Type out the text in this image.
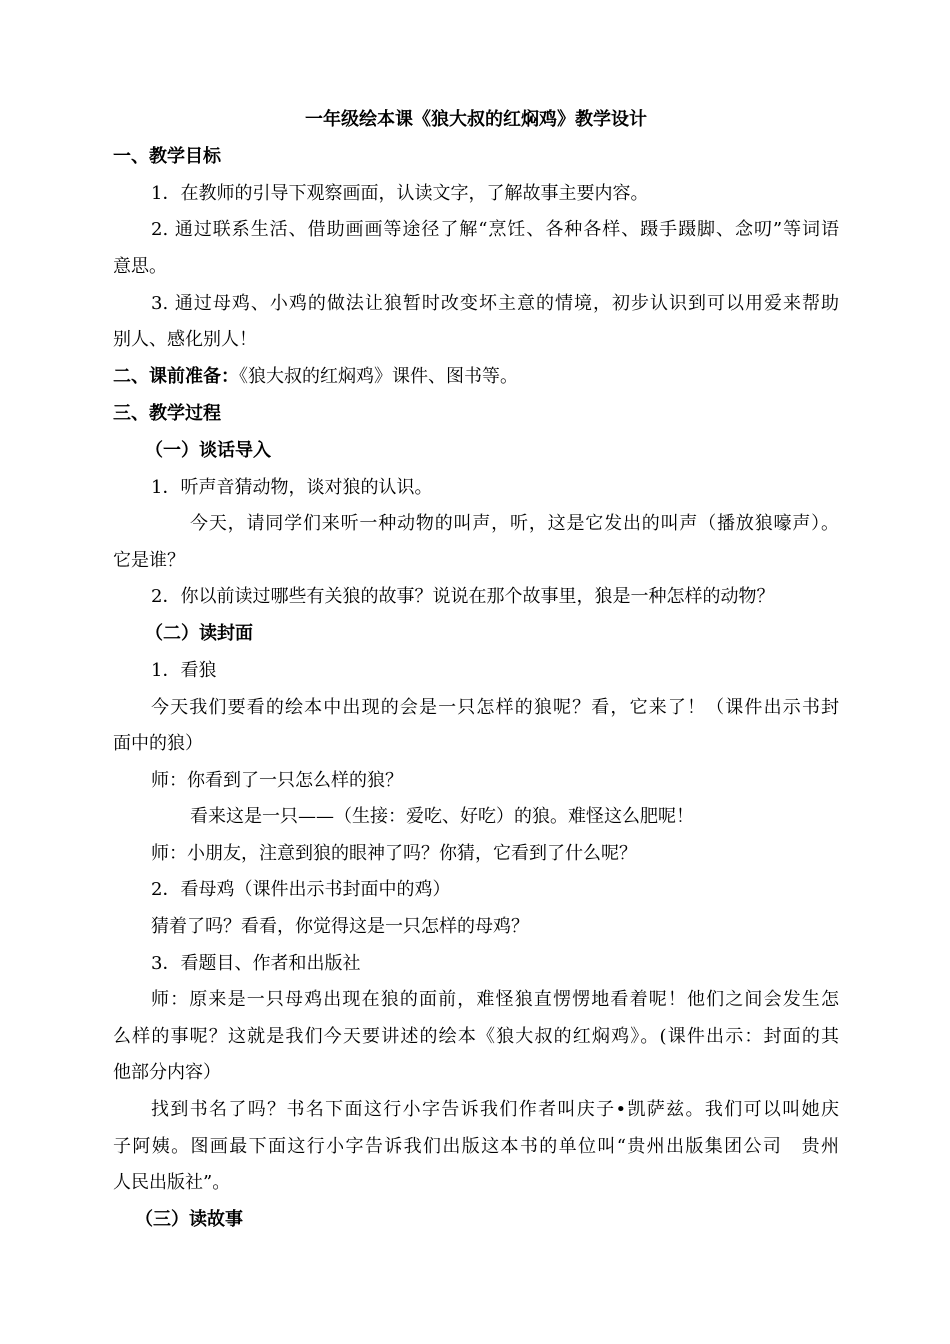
一年级绘本课《狼大叔的红焖鸡》教学设计
一、教学目标
1．在教师的引导下观察画面，认读文字，了解故事主要内容。
2. 通过联系生活、借助画画等途径了解“烹饪、各种各样、蹑手蹑脚、念叨”等词语
意思。
3. 通过母鸡、小鸡的做法让狼暂时改变坏主意的情境，初步认识到可以用爱来帮助
别人、感化别人！
二、课前准备：《狼大叔的红焖鸡》课件、图书等。
三、教学过程
（一）谈话导入
1．听声音猜动物，谈对狼的认识。
今天，请同学们来听一种动物的叫声，听，这是它发出的叫声（播放狼嚎声）。
它是谁？
2．你以前读过哪些有关狼的故事？说说在那个故事里，狼是一种怎样的动物？
（二）读封面
1．看狼
今天我们要看的绘本中出现的会是一只怎样的狼呢？看，它来了！（课件出示书封
面中的狼）
师：你看到了一只怎么样的狼？
看来这是一只——（生接：爱吃、好吃）的狼。难怪这么肥呢！
师：小朋友，注意到狼的眼神了吗？你猜，它看到了什么呢？
2．看母鸡（课件出示书封面中的鸡）
猜着了吗？看看，你觉得这是一只怎样的母鸡？
3．看题目、作者和出版社
师：原来是一只母鸡出现在狼的面前，难怪狼直愣愣地看着呢！他们之间会发生怎
么样的事呢？这就是我们今天要讲述的绘本《狼大叔的红焖鸡》。(课件出示：封面的其
他部分内容）
找到书名了吗？书名下面这行小字告诉我们作者叫庆子•凯萨兹。我们可以叫她庆
子阿姨。图画最下面这行小字告诉我们出版这本书的单位叫“贵州出版集团公司　贵州
人民出版社”。
（三）读故事
